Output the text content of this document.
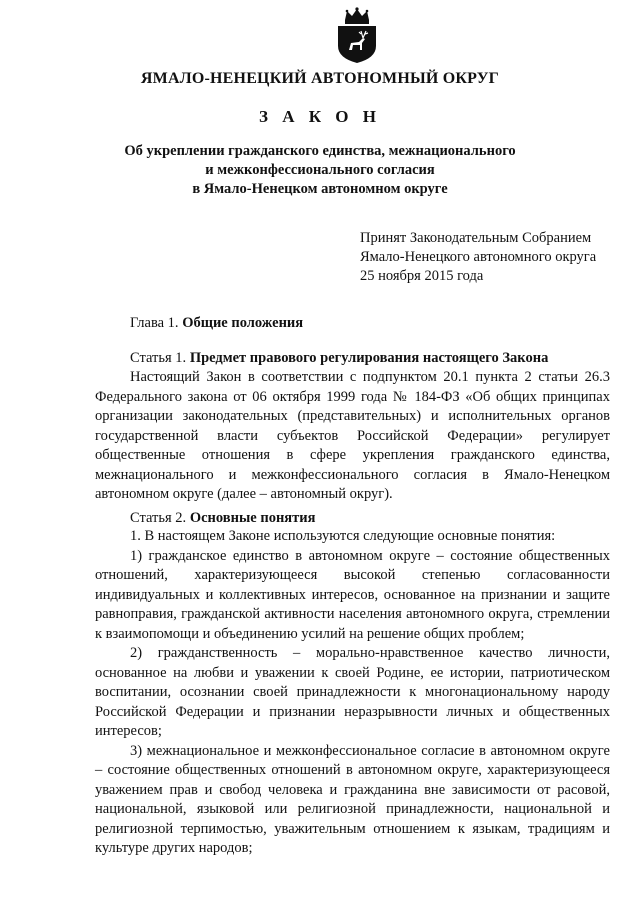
ЯМАЛО-НЕНЕЦКИЙ АВТОНОМНЫЙ ОКРУГ
З А К О Н
Об укреплении гражданского единства, межнационального
и межконфессионального согласия
в Ямало-Ненецком автономном округе
Принят Законодательным Собранием
Ямало-Ненецкого автономного округа
25 ноября 2015 года
Глава 1. Общие положения
Статья 1. Предмет правового регулирования настоящего Закона

Настоящий Закон в соответствии с подпунктом 20.1 пункта 2 статьи 26.3 Федерального закона от 06 октября 1999 года № 184-ФЗ «Об общих принципах организации законодательных (представительных) и исполнительных органов государственной власти субъектов Российской Федерации» регулирует общественные отношения в сфере укрепления гражданского единства, межнационального и межконфессионального согласия в Ямало-Ненецком автономном округе (далее – автономный округ).

Статья 2. Основные понятия

1. В настоящем Законе используются следующие основные понятия:

1) гражданское единство в автономном округе – состояние общественных отношений, характеризующееся высокой степенью согласованности индивидуальных и коллективных интересов, основанное на признании и защите равноправия, гражданской активности населения автономного округа, стремлении к взаимопомощи и объединению усилий на решение общих проблем;

2) гражданственность – морально-нравственное качество личности, основанное на любви и уважении к своей Родине, ее истории, патриотическом воспитании, осознании своей принадлежности к многонациональному народу Российской Федерации и признании неразрывности личных и общественных интересов;

3) межнациональное и межконфессиональное согласие в автономном округе – состояние общественных отношений в автономном округе, характеризующееся уважением прав и свобод человека и гражданина вне зависимости от расовой, национальной, языковой или религиозной принадлежности, национальной и религиозной терпимостью, уважительным отношением к языкам, традициям и культуре других народов;
